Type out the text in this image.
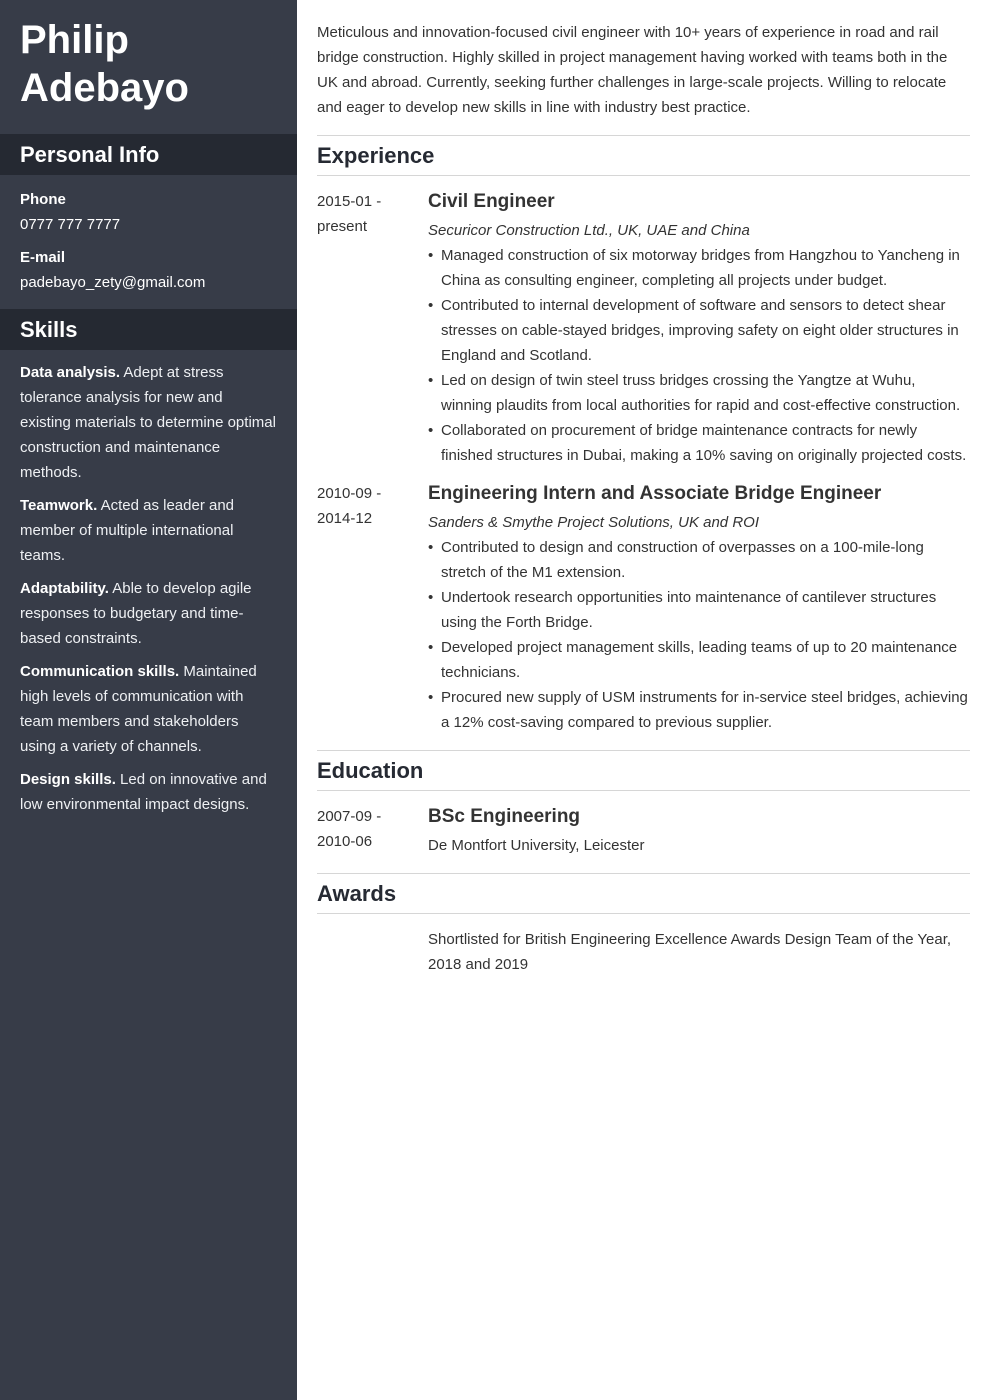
Philip
Adebayo
Personal Info
Phone
0777 777 7777
E-mail
padebayo_zety@gmail.com
Skills

Data analysis. Adept at stress tolerance analysis for new and existing materials to determine optimal construction and maintenance methods.

Teamwork. Acted as leader and member of multiple international teams.

Adaptability. Able to develop agile responses to budgetary and time-based constraints.

Communication skills. Maintained high levels of communication with team members and stakeholders using a variety of channels.

Design skills. Led on innovative and low environmental impact designs.

Meticulous and innovation-focused civil engineer with 10+ years of experience in road and rail bridge construction. Highly skilled in project management having worked with teams both in the UK and abroad. Currently, seeking further challenges in large-scale projects. Willing to relocate and eager to develop new skills in line with industry best practice.

Experience
2015-01 -
present
Civil Engineer
Securicor Construction Ltd., UK, UAE and China
• Managed construction of six motorway bridges from Hangzhou to Yancheng in China as consulting engineer, completing all projects under budget.
• Contributed to internal development of software and sensors to detect shear stresses on cable-stayed bridges, improving safety on eight older structures in England and Scotland.
• Led on design of twin steel truss bridges crossing the Yangtze at Wuhu, winning plaudits from local authorities for rapid and cost-effective construction.
• Collaborated on procurement of bridge maintenance contracts for newly finished structures in Dubai, making a 10% saving on originally projected costs.
2010-09 -
2014-12
Engineering Intern and Associate Bridge Engineer
Sanders & Smythe Project Solutions, UK and ROI
• Contributed to design and construction of overpasses on a 100-mile-long stretch of the M1 extension.
• Undertook research opportunities into maintenance of cantilever structures using the Forth Bridge.
• Developed project management skills, leading teams of up to 20 maintenance technicians.
• Procured new supply of USM instruments for in-service steel bridges, achieving a 12% cost-saving compared to previous supplier.
Education
2007-09 -
2010-06
BSc Engineering
De Montfort University, Leicester
Awards
Shortlisted for British Engineering Excellence Awards Design Team of the Year, 2018 and 2019
